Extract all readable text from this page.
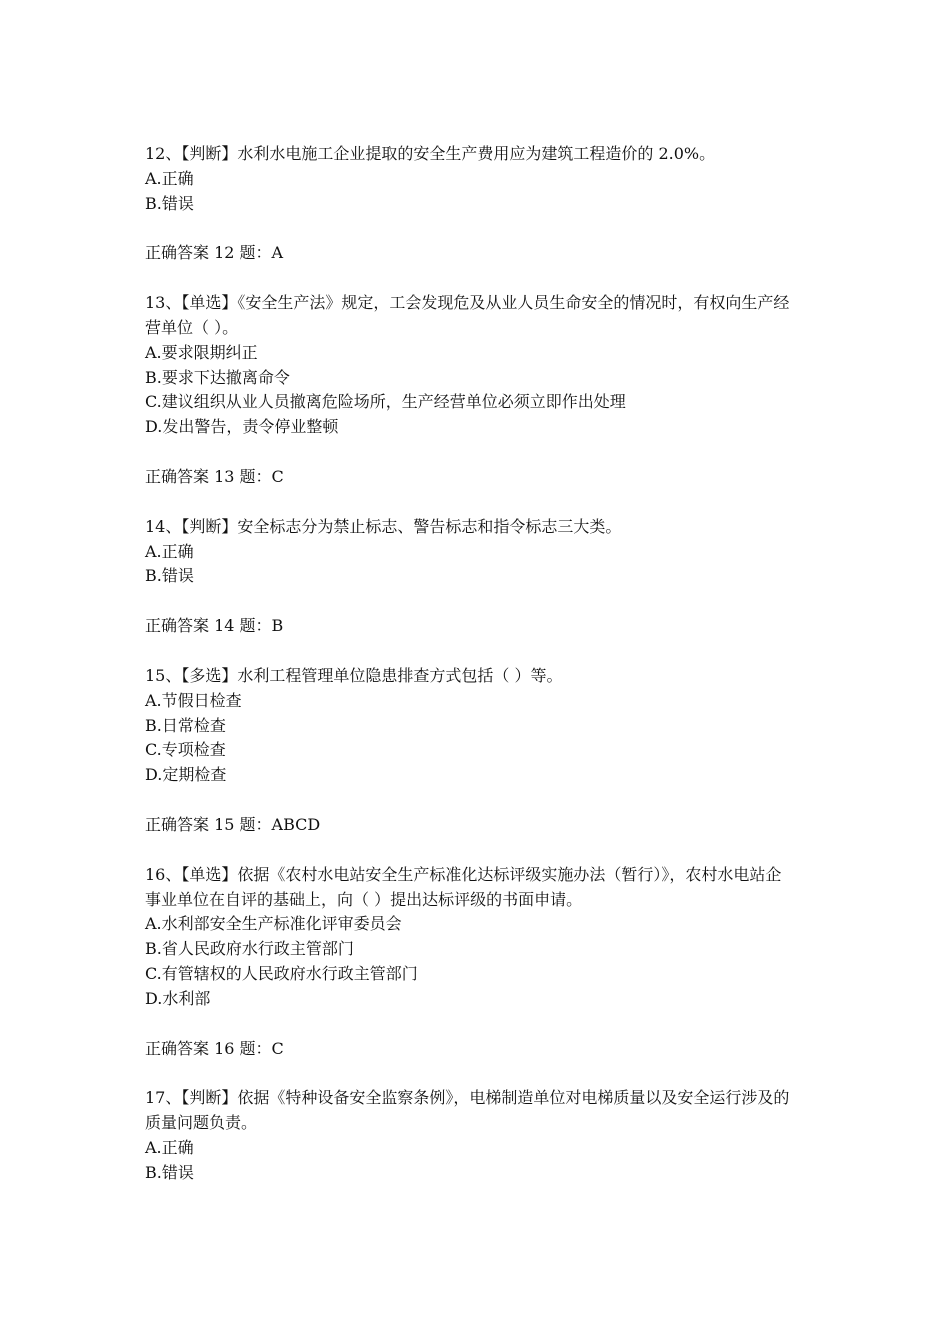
12、【判断】水利水电施工企业提取的安全生产费用应为建筑工程造价的 2.0%。
A.正确
B.错误
正确答案 12 题：A
13、【单选】《安全生产法》规定，工会发现危及从业人员生命安全的情况时，有权向生产经
营单位（ ）。
A.要求限期纠正
B.要求下达撤离命令
C.建议组织从业人员撤离危险场所，生产经营单位必须立即作出处理
D.发出警告，责令停业整顿
正确答案 13 题：C
14、【判断】安全标志分为禁止标志、警告标志和指令标志三大类。
A.正确
B.错误
正确答案 14 题：B
15、【多选】水利工程管理单位隐患排查方式包括（ ）等。
A.节假日检查
B.日常检查
C.专项检查
D.定期检查
正确答案 15 题：ABCD
16、【单选】依据《农村水电站安全生产标准化达标评级实施办法（暂行）》，农村水电站企
事业单位在自评的基础上，向（ ）提出达标评级的书面申请。
A.水利部安全生产标准化评审委员会
B.省人民政府水行政主管部门
C.有管辖权的人民政府水行政主管部门
D.水利部
正确答案 16 题：C
17、【判断】依据《特种设备安全监察条例》，电梯制造单位对电梯质量以及安全运行涉及的
质量问题负责。
A.正确
B.错误
